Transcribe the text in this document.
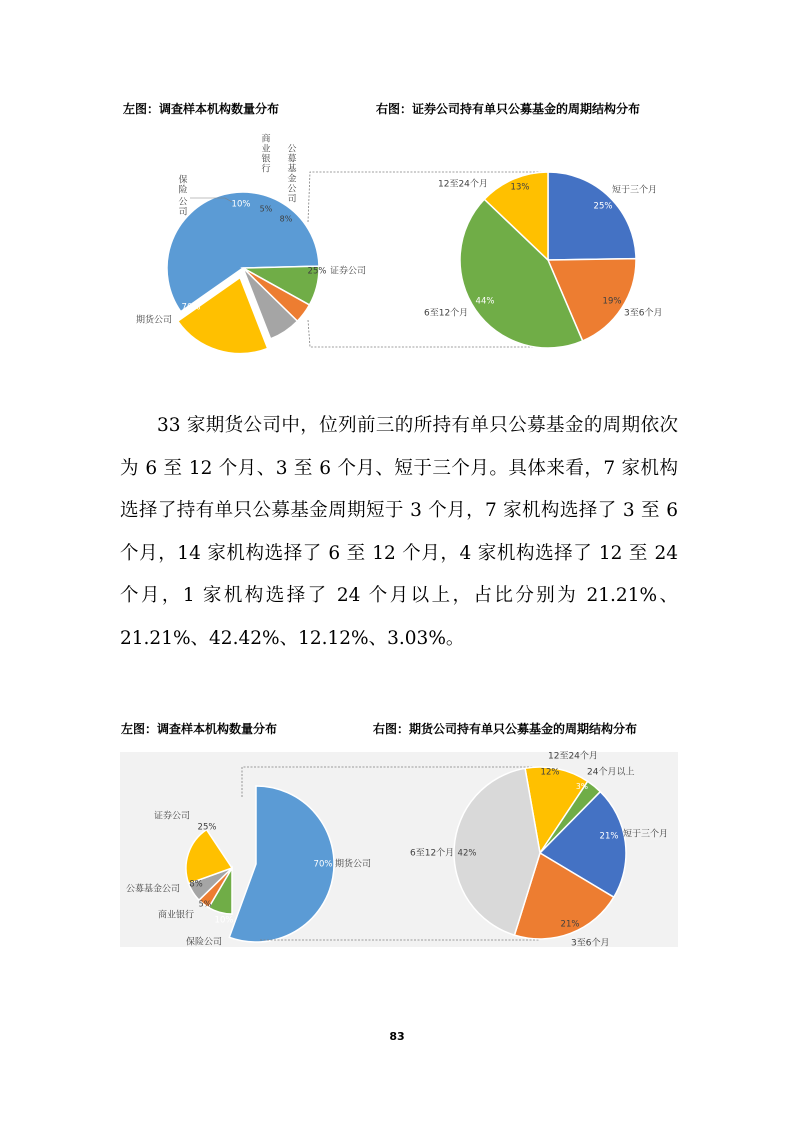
左图：调查样本机构数量分布	右图：证券公司持有单只公募基金的周期结构分布
70%
期货公司
10%
保
险
公
司	5%
商
业
银
行
8%
公
募
基
金
公
司
25% 证券公司
25%
短于三个月
19%
3至6个月
44%
6至12个月
13%
12至24个月

33 家期货公司中，位列前三的所持有单只公募基金的周期依次为 6 至 12 个月、3 至 6 个月、短于三个月。具体来看，7 家机构选择了持有单只公募基金周期短于 3 个月，7 家机构选择了 3 至 6 个月，14 家机构选择了 6 至 12 个月，4 家机构选择了 12 至 24 个月，1 家机构选择了 24 个月以上，占比分别为 21.21%、21.21%、42.42%、12.12%、3.03%。

左图：调查样本机构数量分布	右图：期货公司持有单只公募基金的周期结构分布
70% 期货公司
25%
证券公司
8%
公募基金公司
5%
商业银行 10%
保险公司
12%
12至24个月
3%
24个月以上
21% 短于三个月
21%
3至6个月
42%
6至12个月
83
